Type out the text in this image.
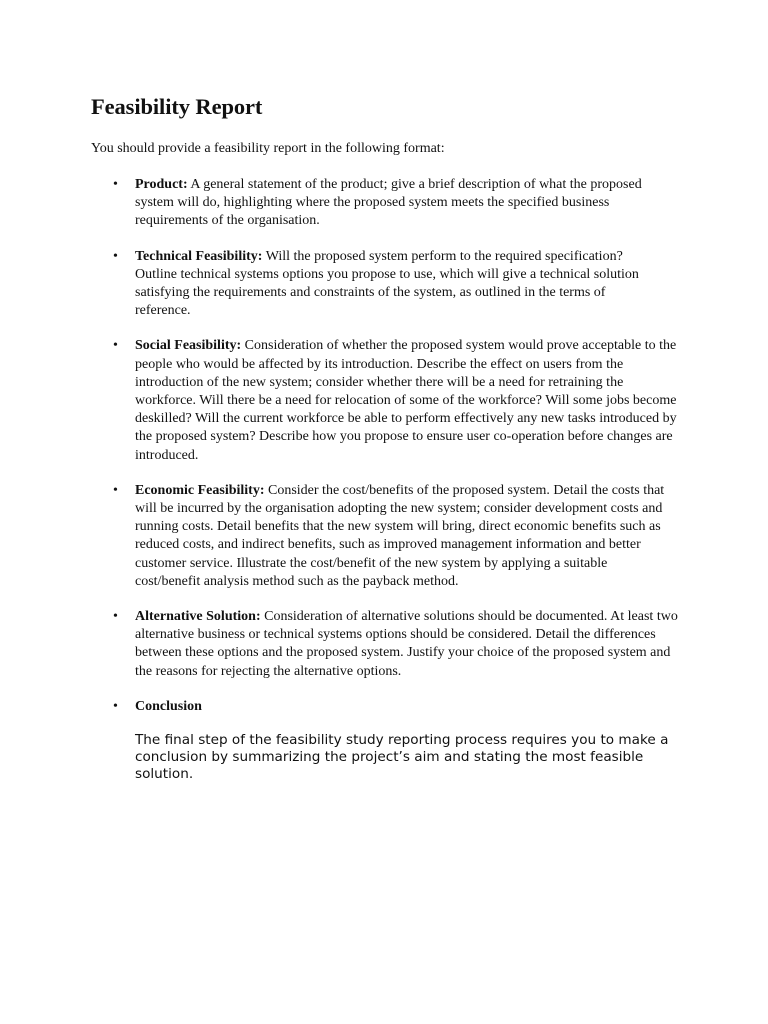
Feasibility Report

You should provide a feasibility report in the following format:

• Product: A general statement of the product; give a brief description of what the proposed system will do, highlighting where the proposed system meets the specified business requirements of the organisation.
• Technical Feasibility: Will the proposed system perform to the required specification? Outline technical systems options you propose to use, which will give a technical solution satisfying the requirements and constraints of the system, as outlined in the terms of reference.
• Social Feasibility: Consideration of whether the proposed system would prove acceptable to the people who would be affected by its introduction. Describe the effect on users from the introduction of the new system; consider whether there will be a need for retraining the workforce. Will there be a need for relocation of some of the workforce? Will some jobs become deskilled? Will the current workforce be able to perform effectively any new tasks introduced by the proposed system? Describe how you propose to ensure user co-operation before changes are introduced.
• Economic Feasibility: Consider the cost/benefits of the proposed system. Detail the costs that will be incurred by the organisation adopting the new system; consider development costs and running costs. Detail benefits that the new system will bring, direct economic benefits such as reduced costs, and indirect benefits, such as improved management information and better customer service. Illustrate the cost/benefit of the new system by applying a suitable cost/benefit analysis method such as the payback method.
• Alternative Solution: Consideration of alternative solutions should be documented. At least two alternative business or technical systems options should be considered. Detail the differences between these options and the proposed system. Justify your choice of the proposed system and the reasons for rejecting the alternative options.
• Conclusion

The final step of the feasibility study reporting process requires you to make a conclusion by summarizing the project’s aim and stating the most feasible solution.
